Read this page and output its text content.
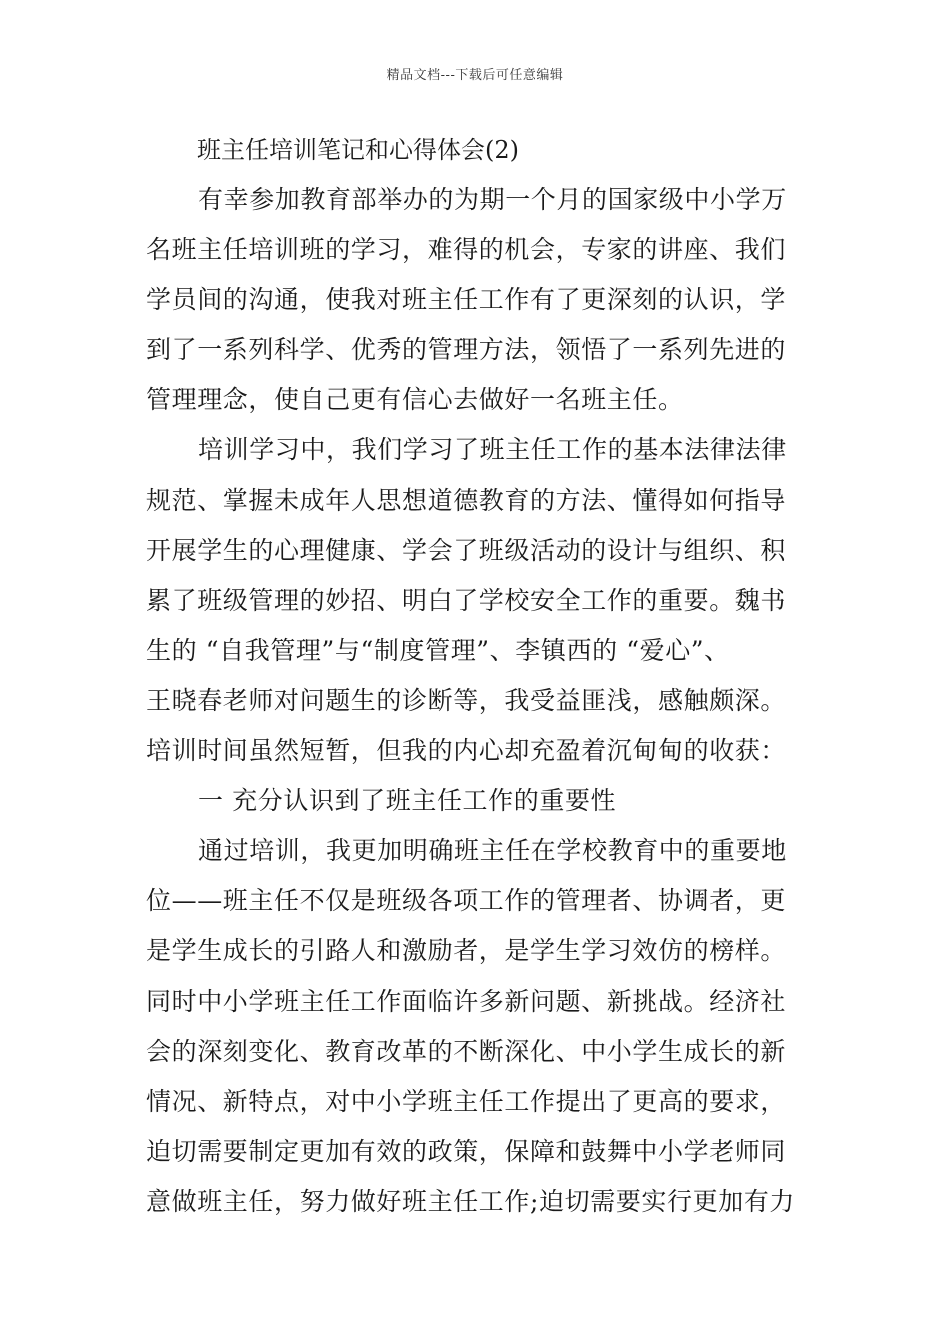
精品文档---下载后可任意编辑
班主任培训笔记和心得体会(2)
有幸参加教育部举办的为期一个月的国家级中小学万
名班主任培训班的学习，难得的机会，专家的讲座、我们
学员间的沟通，使我对班主任工作有了更深刻的认识，学
到了一系列科学、优秀的管理方法，领悟了一系列先进的
管理理念，使自己更有信心去做好一名班主任。
培训学习中，我们学习了班主任工作的基本法律法律
规范、掌握未成年人思想道德教育的方法、懂得如何指导
开展学生的心理健康、学会了班级活动的设计与组织、积
累了班级管理的妙招、明白了学校安全工作的重要。魏书
生的 “自我管理”与“制度管理”、李镇西的 “爱心”、
王晓春老师对问题生的诊断等，我受益匪浅，感触颇深。
培训时间虽然短暂，但我的内心却充盈着沉甸甸的收获：
一 充分认识到了班主任工作的重要性
通过培训，我更加明确班主任在学校教育中的重要地
位——班主任不仅是班级各项工作的管理者、协调者，更
是学生成长的引路人和激励者，是学生学习效仿的榜样。
同时中小学班主任工作面临许多新问题、新挑战。经济社
会的深刻变化、教育改革的不断深化、中小学生成长的新
情况、新特点，对中小学班主任工作提出了更高的要求，
迫切需要制定更加有效的政策，保障和鼓舞中小学老师同
意做班主任，努力做好班主任工作;迫切需要实行更加有力
